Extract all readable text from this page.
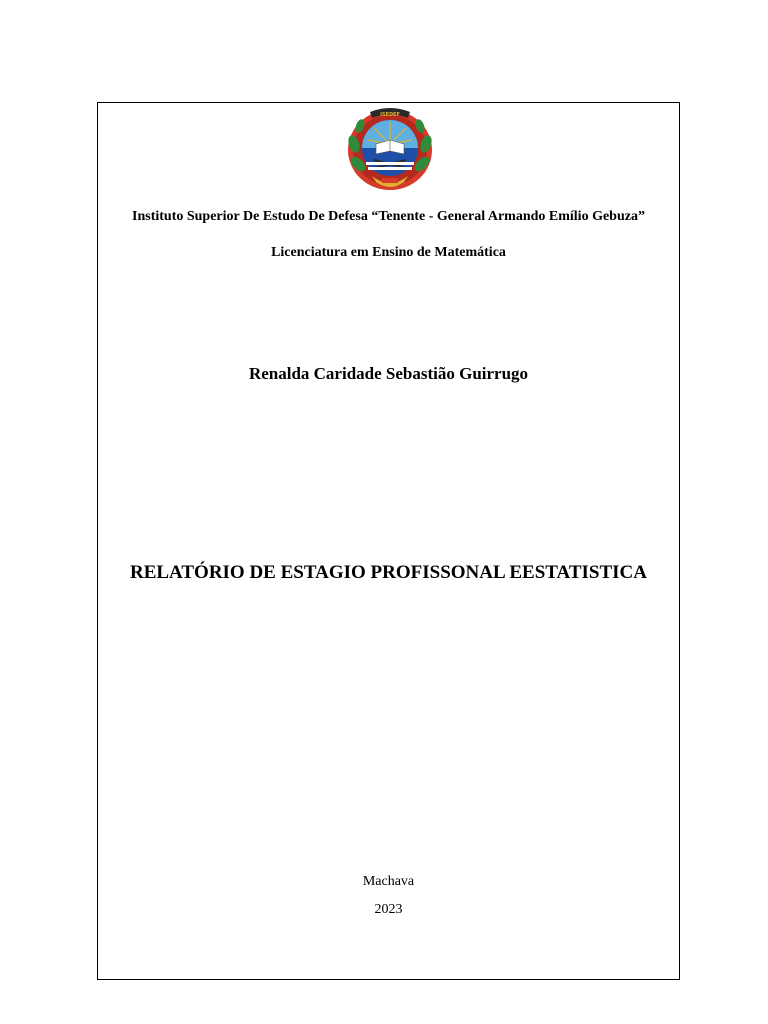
ISEDEF
Instituto Superior De Estudo De Defesa “Tenente - General Armando Emílio Gebuza”
Licenciatura em Ensino de Matemática
Renalda Caridade Sebastião Guirrugo
RELATÓRIO DE ESTAGIO PROFISSONAL EESTATISTICA
Machava
2023
